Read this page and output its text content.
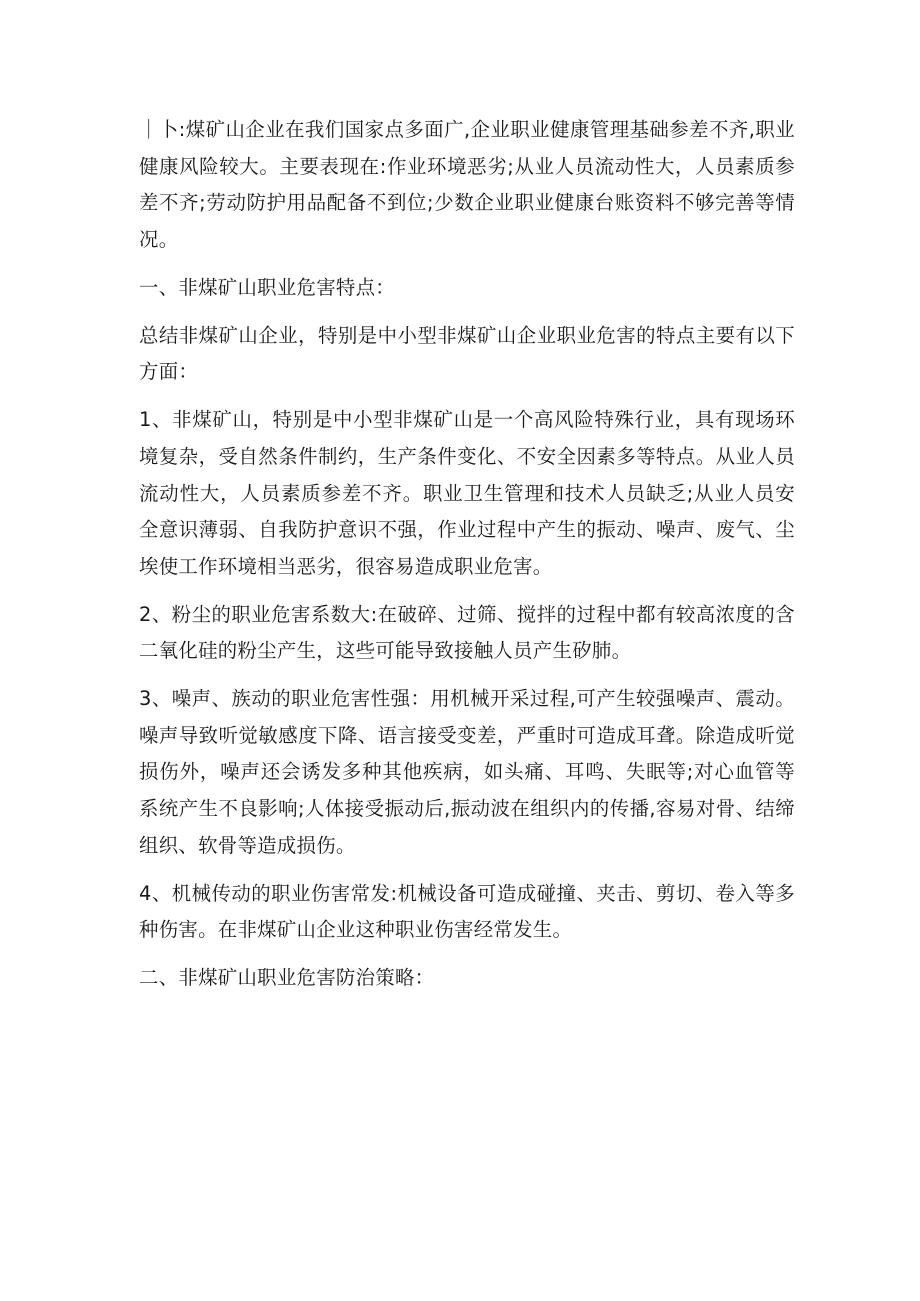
｜卜:煤矿山企业在我们国家点多面广,企业职业健康管理基础参差不齐,职业健康风险较大。主要表现在:作业环境恶劣;从业人员流动性大，人员素质参差不齐;劳动防护用品配备不到位;少数企业职业健康台账资料不够完善等情况。

一、非煤矿山职业危害特点：

总结非煤矿山企业，特别是中小型非煤矿山企业职业危害的特点主要有以下方面：

1、非煤矿山，特别是中小型非煤矿山是一个高风险特殊行业，具有现场环境复杂，受自然条件制约，生产条件变化、不安全因素多等特点。从业人员流动性大，人员素质参差不齐。职业卫生管理和技术人员缺乏;从业人员安全意识薄弱、自我防护意识不强，作业过程中产生的振动、噪声、废气、尘埃使工作环境相当恶劣，很容易造成职业危害。

2、粉尘的职业危害系数大:在破碎、过筛、搅拌的过程中都有较高浓度的含二氧化硅的粉尘产生，这些可能导致接触人员产生矽肺。

3、噪声、族动的职业危害性强：用机械开采过程,可产生较强噪声、震动。噪声导致听觉敏感度下降、语言接受变差，严重时可造成耳聋。除造成听觉损伤外，噪声还会诱发多种其他疾病，如头痛、耳鸣、失眠等;对心血管等系统产生不良影响;人体接受振动后,振动波在组织内的传播,容易对骨、结缔组织、软骨等造成损伤。

4、机械传动的职业伤害常发:机械设备可造成碰撞、夹击、剪切、卷入等多种伤害。在非煤矿山企业这种职业伤害经常发生。

二、非煤矿山职业危害防治策略：
